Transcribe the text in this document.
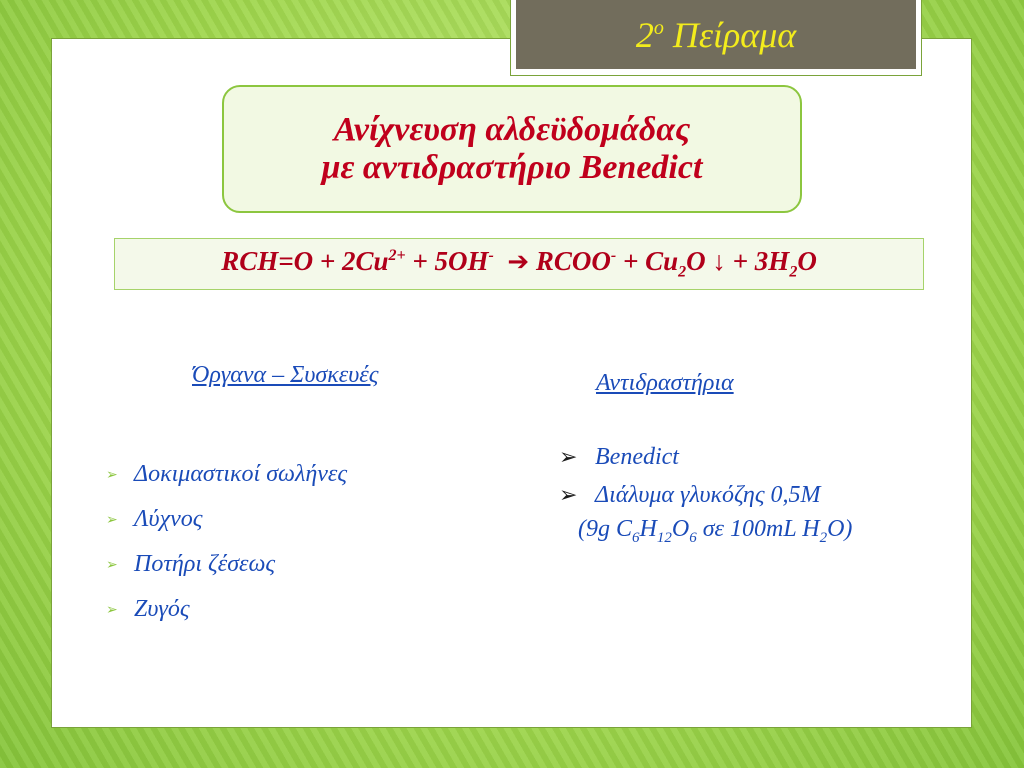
$2^o$ Πείραμα
Ανίχνευση αλδεϋδομάδας
με αντιδραστήριο Benedict
$RCH=O + 2Cu^{2+} + 5OH^-$ ➔ RCOO- + $Cu_2O$ ↓ + $3H_2O$
Όργανα – Συσκευές
➢ Δοκιμαστικοί σωλήνες
➢ Λύχνος
➢ Ποτήρι ζέσεως
➢ Ζυγός
Αντιδραστήρια
➢ Benedict
➢ Διάλυμα γλυκόζης 0,5M
(9g $C_6H_{12}O_6$ σε 100mL $H_2O$)
